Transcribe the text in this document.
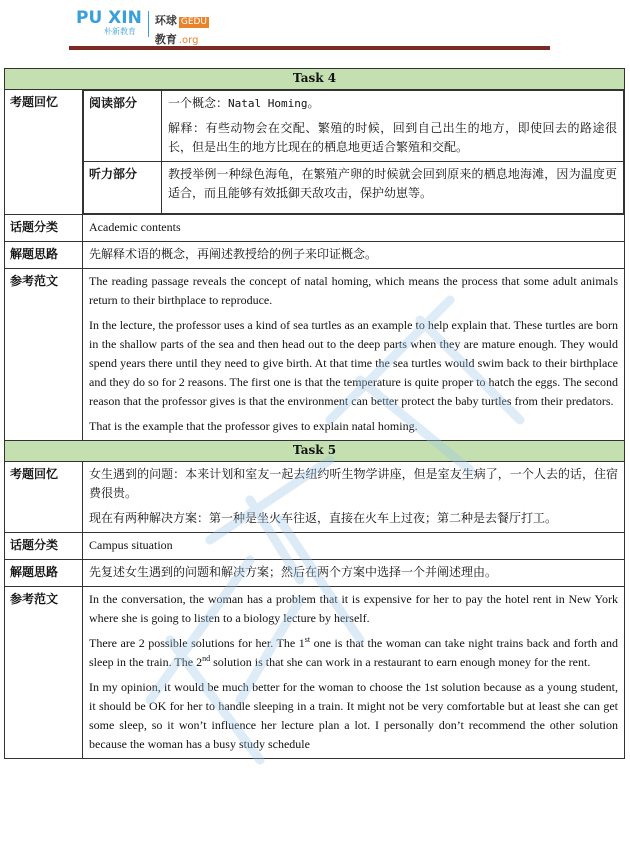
PU XIN
朴新教育
环球 GEDU
教育 .org
Task 4
考题回忆		阅读部分	一个概念：Natal Homing。

解释：有些动物会在交配、繁殖的时候，回到自己出生的地方，即使回去的路途很长，但是出生的地方比现在的栖息地更适合繁殖和交配。

听力部分	教授举例一种绿色海龟，在繁殖产卵的时候就会回到原来的栖息地海滩，因为温度更适合，而且能够有效抵御天敌攻击，保护幼崽等。

话题分类	Academic contents
解题思路	先解释术语的概念，再阐述教授给的例子来印证概念。
参考范文	The reading passage reveals the concept of natal homing, which means the process that some adult animals return to their birthplace to reproduce.

In the lecture, the professor uses a kind of sea turtles as an example to help explain that. These turtles are born in the shallow parts of the sea and then head out to the deep parts when they are mature enough. They would spend years there until they need to give birth. At that time the sea turtles would swim back to their birthplace and they do so for 2 reasons. The first one is that the temperature is quite proper to hatch the eggs. The second reason that the professor gives is that the environment can better protect the baby turtles from their predators.

That is the example that the professor gives to explain natal homing.

Task 5
考题回忆	女生遇到的问题：本来计划和室友一起去纽约听生物学讲座，但是室友生病了，一个人去的话，住宿费很贵。

现在有两种解决方案：第一种是坐火车往返，直接在火车上过夜；第二种是去餐厅打工。

话题分类	Campus situation
解题思路	先复述女生遇到的问题和解决方案；然后在两个方案中选择一个并阐述理由。
参考范文	In the conversation, the woman has a problem that it is expensive for her to pay the hotel rent in New York where she is going to listen to a biology lecture by herself.

There are 2 possible solutions for her. The 1st one is that the woman can take night trains back and forth and sleep in the train. The 2nd solution is that she can work in a restaurant to earn enough money for the rent.

In my opinion, it would be much better for the woman to choose the 1st solution because as a young student, it should be OK for her to handle sleeping in a train. It might not be very comfortable but at least she can get some sleep, so it won’t influence her lecture plan a lot. I personally don’t recommend the other solution because the woman has a busy study schedule
